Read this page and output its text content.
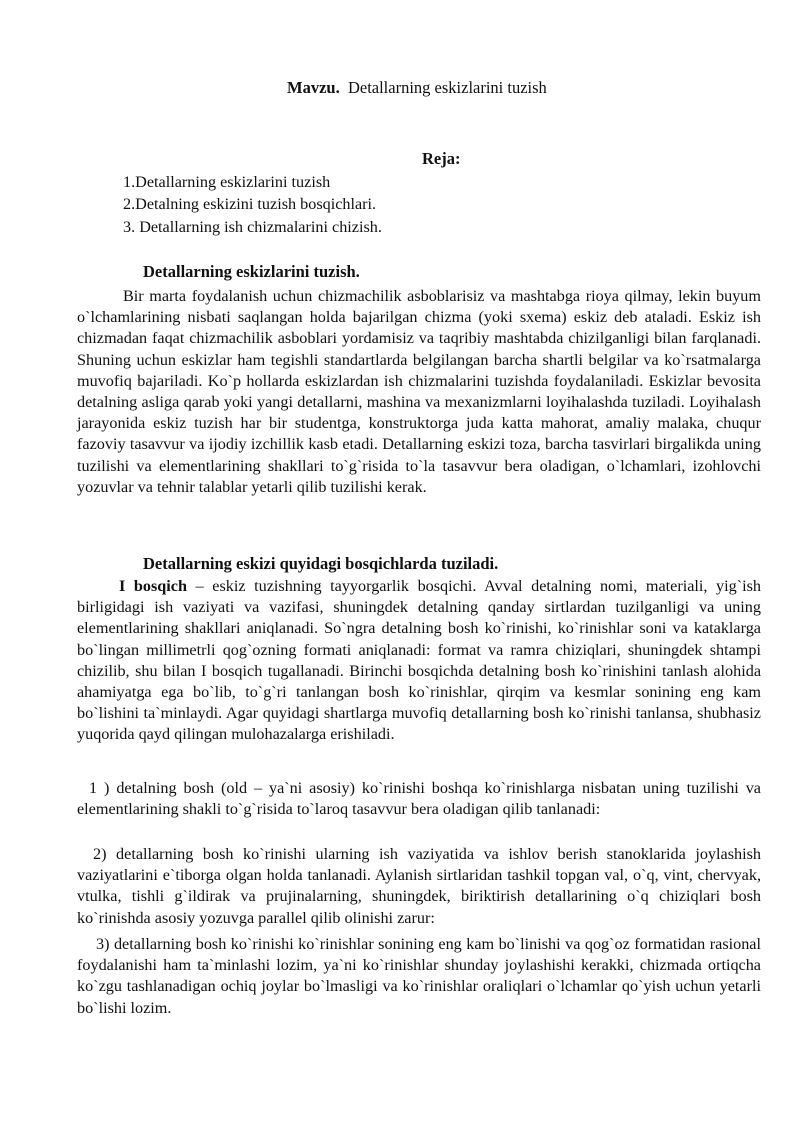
Mavzu. Detallarning eskizlarini tuzish
Reja:
1.Detallarning eskizlarini tuzish
2.Detalning eskizini tuzish bosqichlari.
3. Detallarning ish chizmalarini chizish.
Detallarning eskizlarini tuzish.

Bir marta foydalanish uchun chizmachilik asboblarisiz va mashtabga rioya qilmay, lekin buyum o`lchamlarining nisbati saqlangan holda bajarilgan chizma (yoki sxema) eskiz deb ataladi. Eskiz ish chizmadan faqat chizmachilik asboblari yordamisiz va taqribiy mashtabda chizilganligi bilan farqlanadi. Shuning uchun eskizlar ham tegishli standartlarda belgilangan barcha shartli belgilar va ko`rsatmalarga muvofiq bajariladi. Ko`p hollarda eskizlardan ish chizmalarini tuzishda foydalaniladi. Eskizlar bevosita detalning asliga qarab yoki yangi detallarni, mashina va mexanizmlarni loyihalashda tuziladi. Loyihalash jarayonida eskiz tuzish har bir studentga, konstruktorga juda katta mahorat, amaliy malaka, chuqur fazoviy tasavvur va ijodiy izchillik kasb etadi. Detallarning eskizi toza, barcha tasvirlari birgalikda uning tuzilishi va elementlarining shakllari to`g`risida to`la tasavvur bera oladigan, o`lchamlari, izohlovchi yozuvlar va tehnir talablar yetarli qilib tuzilishi kerak.

Detallarning eskizi quyidagi bosqichlarda tuziladi.

I bosqich – eskiz tuzishning tayyorgarlik bosqichi. Avval detalning nomi, materiali, yig`ish birligidagi ish vaziyati va vazifasi, shuningdek detalning qanday sirtlardan tuzilganligi va uning elementlarining shakllari aniqlanadi. So`ngra detalning bosh ko`rinishi, ko`rinishlar soni va kataklarga bo`lingan millimetrli qog`ozning formati aniqlanadi: format va ramra chiziqlari, shuningdek shtampi chizilib, shu bilan I bosqich tugallanadi. Birinchi bosqichda detalning bosh ko`rinishini tanlash alohida ahamiyatga ega bo`lib, to`g`ri tanlangan bosh ko`rinishlar, qirqim va kesmlar sonining eng kam bo`lishini ta`minlaydi. Agar quyidagi shartlarga muvofiq detallarning bosh ko`rinishi tanlansa, shubhasiz yuqorida qayd qilingan mulohazalarga erishiladi.

1 ) detalning bosh (old – ya`ni asosiy) ko`rinishi boshqa ko`rinishlarga nisbatan uning tuzilishi va elementlarining shakli to`g`risida to`laroq tasavvur bera oladigan qilib tanlanadi:

2) detallarning bosh ko`rinishi ularning ish vaziyatida va ishlov berish stanoklarida joylashish vaziyatlarini e`tiborga olgan holda tanlanadi. Aylanish sirtlaridan tashkil topgan val, o`q, vint, chervyak, vtulka, tishli g`ildirak va prujinalarning, shuningdek, biriktirish detallarining o`q chiziqlari bosh ko`rinishda asosiy yozuvga parallel qilib olinishi zarur:

3) detallarning bosh ko`rinishi ko`rinishlar sonining eng kam bo`linishi va qog`oz formatidan rasional foydalanishi ham ta`minlashi lozim, ya`ni ko`rinishlar shunday joylashishi kerakki, chizmada ortiqcha ko`zgu tashlanadigan ochiq joylar bo`lmasligi va ko`rinishlar oraliqlari o`lchamlar qo`yish uchun yetarli bo`lishi lozim.
